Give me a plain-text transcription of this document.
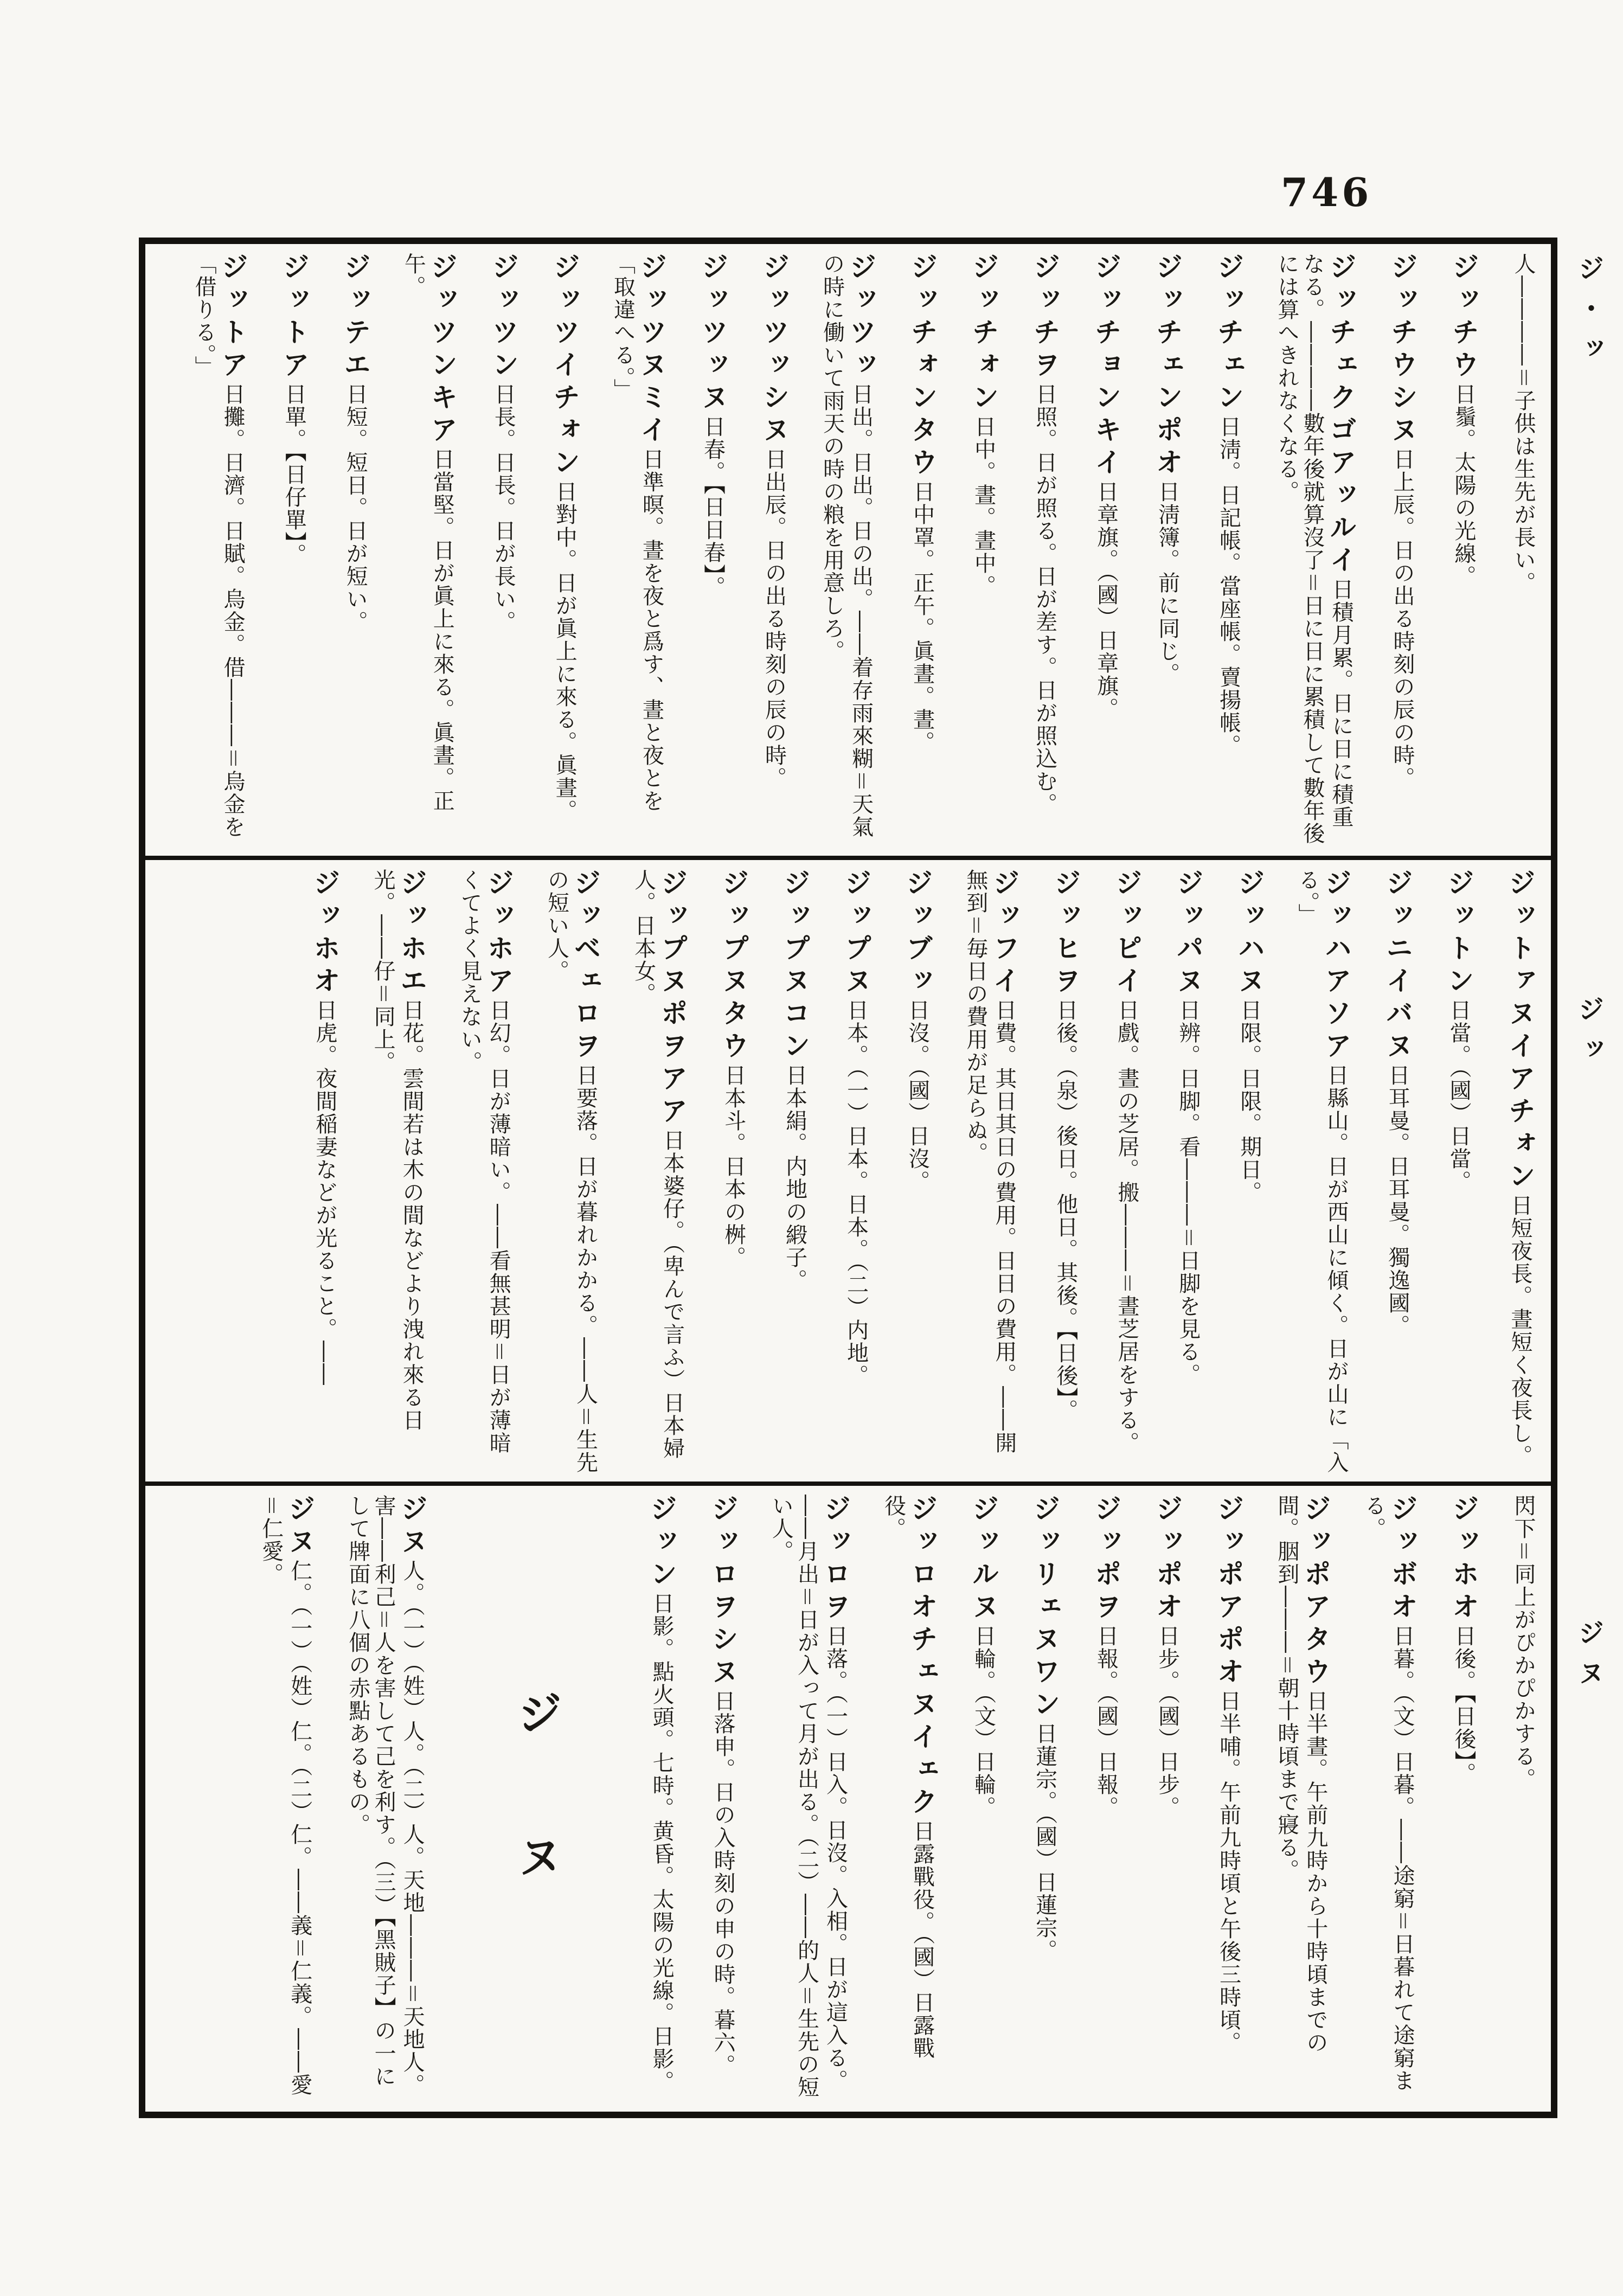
746
人――――＝子供は生先が長い。
ジッチウ日鬚。太陽の光線。
ジッチウシヌ日上辰。日の出る時刻の辰の時。
ジッチェクゴアッルイ日積月累。日に日に積重なる。――――數年後就算沒了＝日に日に累積して數年後には算へきれなくなる。
ジッチェン日淸。日記帳。當座帳。賣揚帳。
ジッチェンポオ日淸簿。前に同じ。
ジッチョンキイ日章旗。（國）日章旗。
ジッチヲ日照。日が照る。日が差す。日が照込む。
ジッチォン日中。晝。晝中。
ジッチォンタウ日中罩。正午。眞晝。晝。
ジッツッ日出。日出。日の出。――着存雨來糊＝天氣の時に働いて雨天の時の粮を用意しろ。
ジッツッシヌ日出辰。日の出る時刻の辰の時。
ジッツッヌ日春。【日日春】。
ジッツヌミイ日準暝。晝を夜と爲す、晝と夜とを「取違へる。」
ジッツイチォン日對中。日が眞上に來る。眞晝。
ジッツン日長。日長。日が長い。
ジッツンキア日當堅。日が眞上に來る。眞晝。正午。
ジッテエ日短。短日。日が短い。
ジットア日單。【日仔單】。
ジットア日攤。日濟。日賦。烏金。借―――＝烏金を「借りる。」
ジットァヌイアチォン日短夜長。晝短く夜長し。
ジットン日當。（國）日當。
ジッニイバヌ日耳曼。日耳曼。獨逸國。
ジッハアソア日縣山。日が西山に傾く。日が山に「入る。」
ジッハヌ日限。日限。期日。
ジッパヌ日辨。日脚。看―――＝日脚を見る。
ジッピイ日戲。晝の芝居。搬―――＝晝芝居をする。
ジッヒヲ日後。（泉）後日。他日。其後。【日後】。
ジッフイ日費。其日其日の費用。日日の費用。――開無到＝毎日の費用が足らぬ。
ジッブッ日沒。（國）日沒。
ジップヌ日本。（一）日本。日本。（二）内地。
ジップヌコン日本絹。内地の緞子。
ジップヌタウ日本斗。日本の桝。
ジップヌポヲアア日本婆仔。（卑んで言ふ）日本婦人。日本女。
ジッベェロヲ日要落。日が暮れかかる。――人＝生先の短い人。
ジッホア日幻。日が薄暗い。――看無甚明＝日が薄暗くてよく見えない。
ジッホエ日花。雲間若は木の間などより洩れ來る日光。――仔＝同上。
ジッホオ日虎。夜間稲妻などが光ること。――
閃下＝同上がぴかぴかする。
ジッホオ日後。【日後】。
ジッボオ日暮。（文）日暮。――途窮＝日暮れて途窮まる。
ジッポアタウ日半晝。午前九時から十時頃までの間。胭到―――＝朝十時頃まで寢る。
ジッポアポオ日半哺。午前九時頃と午後三時頃。
ジッポオ日步。（國）日步。
ジッポヲ日報。（國）日報。
ジッリェヌワン日蓮宗。（國）日蓮宗。
ジッルヌ日輪。（文）日輪。
ジッロオチェヌイェク日露戰役。（國）日露戰役。
ジッロヲ日落。（一）日入。日沒。入相。日が這入る。――月出＝日が入って月が出る。（二）――的人＝生先の短い人。
ジッロヲシヌ日落申。日の入時刻の申の時。暮六。
ジッン日影。點火頭。七時。黄昏。太陽の光線。日影。
ジ　ヌ
ジヌ人。（一）（姓）人。（二）人。天地―――＝天地人。害――利己＝人を害して己を利す。（三）【黑賊子】の一にして牌面に八個の赤點あるもの。
ジヌ仁。（一）（姓）仁。（二）仁。――義＝仁義。――愛＝仁愛。
ジ・ッ
ジッ
ジヌ
